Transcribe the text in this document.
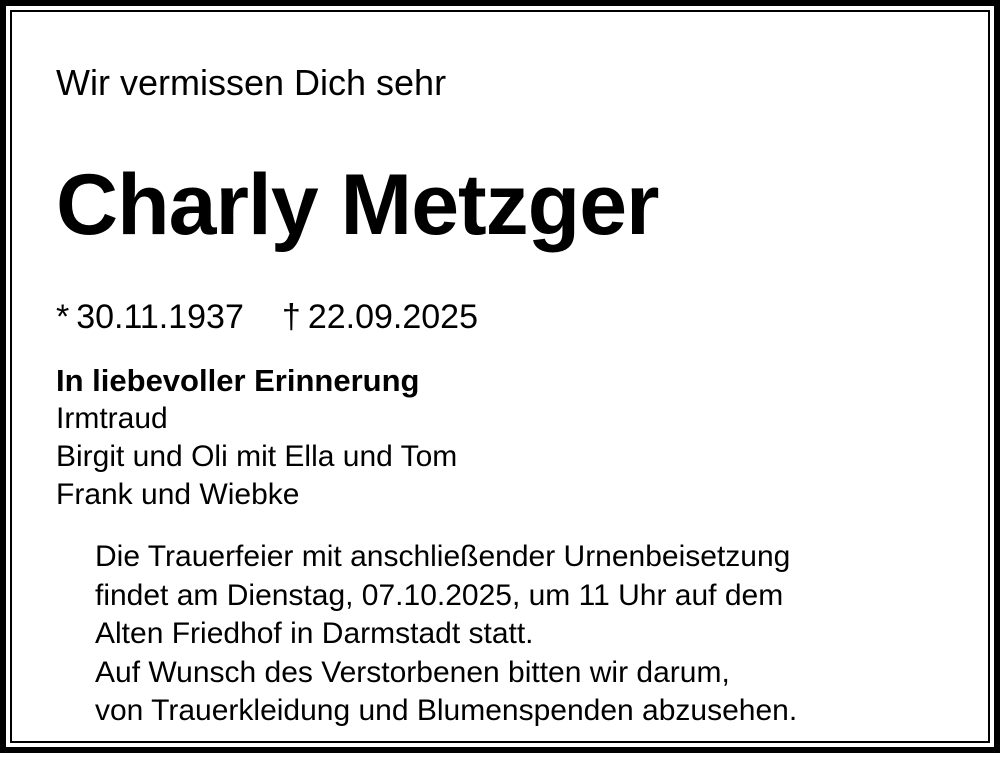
Wir vermissen Dich sehr

Charly Metzger

* 30.11.1937 † 22.09.2025

In liebevoller Erinnerung

Irmtraud
Birgit und Oli mit Ella und Tom
Frank und Wiebke
Die Trauerfeier mit anschließender Urnenbeisetzung
findet am Dienstag, 07.10.2025, um 11 Uhr auf dem
Alten Friedhof in Darmstadt statt.
Auf Wunsch des Verstorbenen bitten wir darum,
von Trauerkleidung und Blumenspenden abzusehen.
